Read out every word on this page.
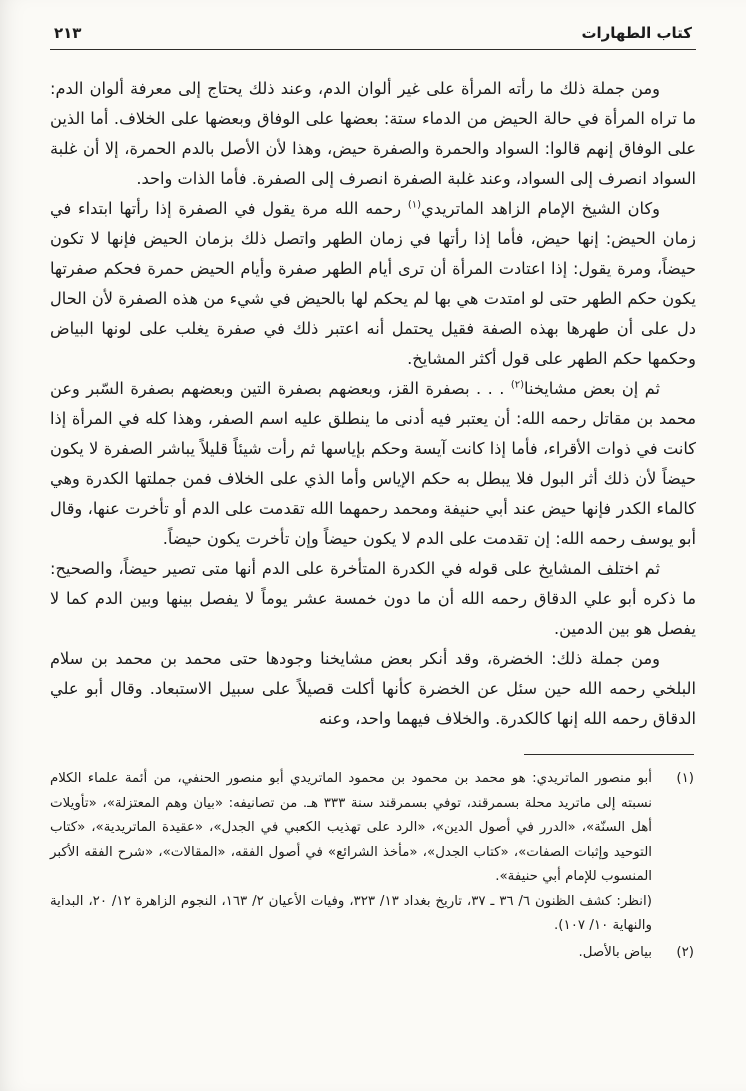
كتاب الطهارات
٢١٣

ومن جملة ذلك ما رأته المرأة على غير ألوان الدم، وعند ذلك يحتاج إلى معرفة ألوان الدم: ما تراه المرأة في حالة الحيض من الدماء ستة: بعضها على الوفاق وبعضها على الخلاف. أما الذين على الوفاق إنهم قالوا: السواد والحمرة والصفرة حيض، وهذا لأن الأصل بالدم الحمرة، إلا أن غلبة السواد انصرف إلى السواد، وعند غلبة الصفرة انصرف إلى الصفرة. فأما الذات واحد.

وكان الشيخ الإمام الزاهد الماتريدي$^{(١)}$ رحمه الله مرة يقول في الصفرة إذا رأتها ابتداء في زمان الحيض: إنها حيض، فأما إذا رأتها في زمان الطهر واتصل ذلك بزمان الحيض فإنها لا تكون حيضاً، ومرة يقول: إذا اعتادت المرأة أن ترى أيام الطهر صفرة وأيام الحيض حمرة فحكم صفرتها يكون حكم الطهر حتى لو امتدت هي بها لم يحكم لها بالحيض في شيء من هذه الصفرة لأن الحال دل على أن طهرها بهذه الصفة فقيل يحتمل أنه اعتبر ذلك في صفرة يغلب على لونها البياض وحكمها حكم الطهر على قول أكثر المشايخ.

ثم إن بعض مشايخنا$^{(٢)}$ . . . بصفرة القز، وبعضهم بصفرة التين وبعضهم بصفرة السّبر وعن محمد بن مقاتل رحمه الله: أن يعتبر فيه أدنى ما ينطلق عليه اسم الصفر، وهذا كله في المرأة إذا كانت في ذوات الأقراء، فأما إذا كانت آيسة وحكم بإياسها ثم رأت شيئاً قليلاً يباشر الصفرة لا يكون حيضاً لأن ذلك أثر البول فلا يبطل به حكم الإياس وأما الذي على الخلاف فمن جملتها الكدرة وهي كالماء الكدر فإنها حيض عند أبي حنيفة ومحمد رحمهما الله تقدمت على الدم أو تأخرت عنها، وقال أبو يوسف رحمه الله: إن تقدمت على الدم لا يكون حيضاً وإن تأخرت يكون حيضاً.

ثم اختلف المشايخ على قوله في الكدرة المتأخرة على الدم أنها متى تصير حيضاً، والصحيح: ما ذكره أبو علي الدقاق رحمه الله أن ما دون خمسة عشر يوماً لا يفصل بينها وبين الدم كما لا يفصل هو بين الدمين.

ومن جملة ذلك: الخضرة، وقد أنكر بعض مشايخنا وجودها حتى محمد بن محمد بن سلام البلخي رحمه الله حين سئل عن الخضرة كأنها أكلت قصيلاً على سبيل الاستبعاد. وقال أبو علي الدقاق رحمه الله إنها كالكدرة. والخلاف فيهما واحد، وعنه

(١)
أبو منصور الماتريدي: هو محمد بن محمود بن محمود الماتريدي أبو منصور الحنفي، من أئمة علماء الكلام نسبته إلى ماتريد محلة بسمرقند، توفي بسمرقند سنة ٣٣٣ هـ. من تصانيفه: «بيان وهم المعتزلة»، «تأويلات أهل السنّة»، «الدرر في أصول الدين»، «الرد على تهذيب الكعبي في الجدل»، «عقيدة الماتريدية»، «كتاب التوحيد وإثبات الصفات»، «كتاب الجدل»، «مأخذ الشرائع» في أصول الفقه، «المقالات»، «شرح الفقه الأكبر المنسوب للإمام أبي حنيفة».
(انظر: كشف الظنون ٦/ ٣٦ ـ ٣٧، تاريخ بغداد ١٣/ ٣٢٣، وفيات الأعيان ٢/ ١٦٣، النجوم الزاهرة ١٢/ ٢٠، البداية والنهاية ١٠/ ١٠٧).
(٢)
بياض بالأصل.
